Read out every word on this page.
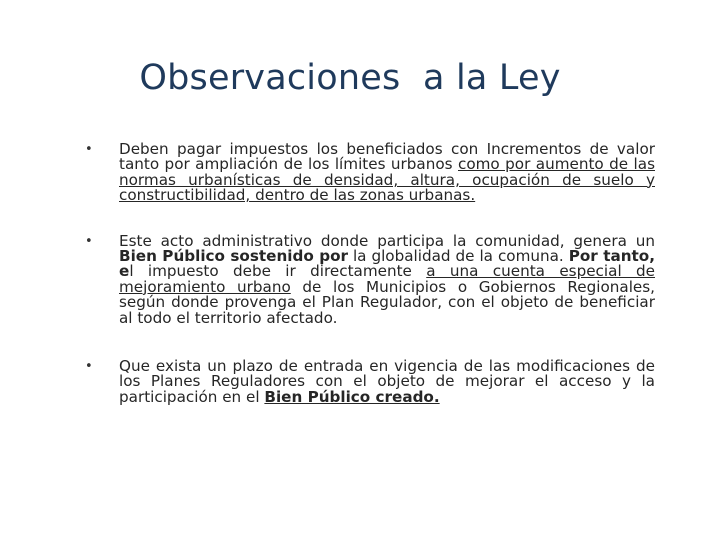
Observaciones  a la Ley
• Deben pagar impuestos los beneficiados con Incrementos de valor tanto por ampliación de los límites urbanos como por aumento de las normas urbanísticas de densidad, altura, ocupación de suelo y constructibilidad, dentro de las zonas urbanas.
• Este acto administrativo donde participa la comunidad, genera un Bien Público sostenido por la globalidad de la comuna. Por tanto, el impuesto debe ir directamente a una cuenta especial de mejoramiento urbano de los Municipios o Gobiernos Regionales, según donde provenga el Plan Regulador, con el objeto de beneficiar al todo el territorio afectado.
• Que exista un plazo de entrada en vigencia de las modificaciones de los Planes Reguladores con el objeto de mejorar el acceso y la participación en el Bien Público creado.
